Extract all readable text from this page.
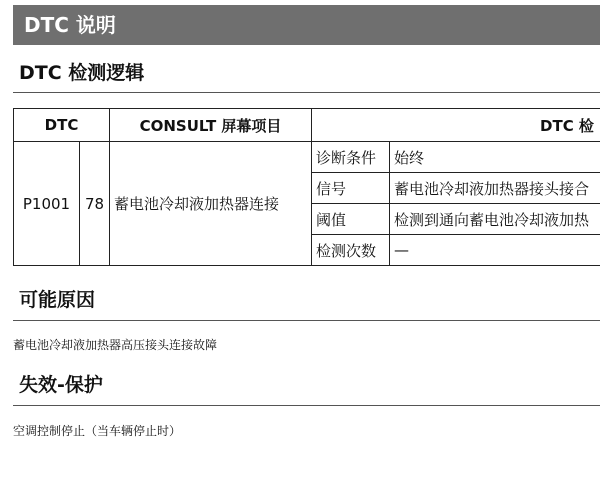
DTC 说明
DTC 检测逻辑
DTC		CONSULT 屏幕项目	DTC 检	
P1001	78	蓄电池冷却液加热器连接	诊断条件	始终
			信号	蓄电池冷却液加热器接头接合
			阈值	检测到通向蓄电池冷却液加热
			检测次数	—
可能原因
蓄电池冷却液加热器高压接头连接故障
失效-保护
空调控制停止（当车辆停止时）
